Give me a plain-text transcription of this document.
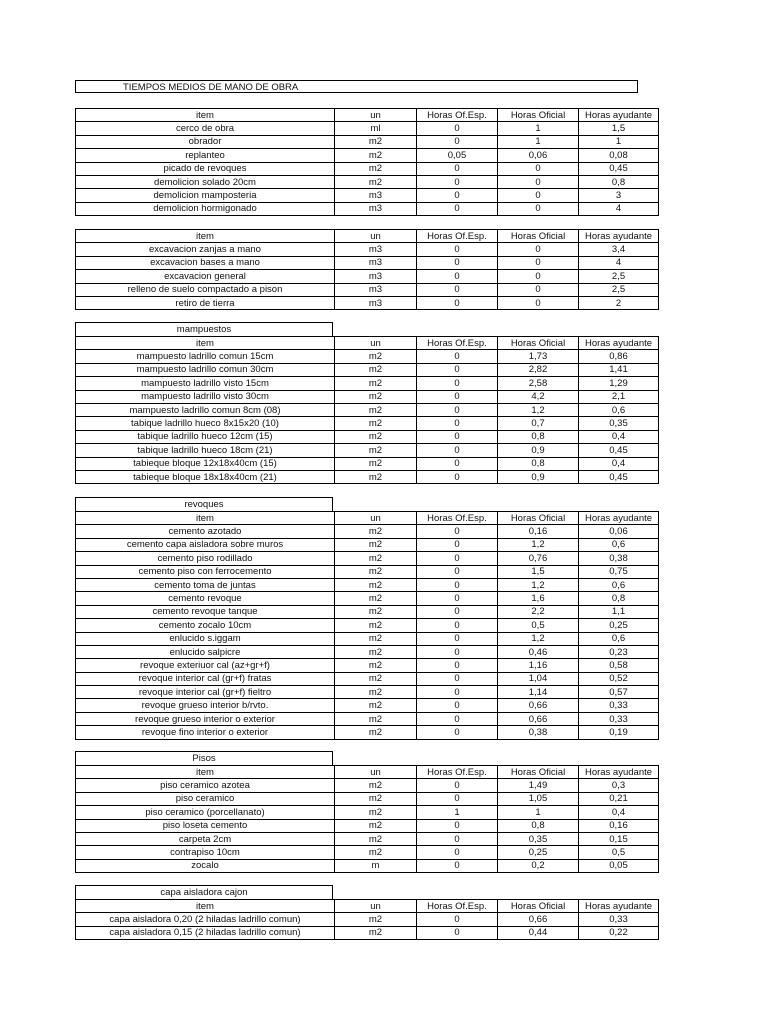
TIEMPOS MEDIOS DE MANO DE OBRA
item	un	Horas Of.Esp.	Horas Oficial	Horas ayudante
cerco de obra	ml	0	1	1,5
obrador	m2	0	1	1
replanteo	m2	0,05	0,06	0,08
picado de revoques	m2	0	0	0,45
demolicion solado 20cm	m2	0	0	0,8
demolicion mamposteria	m3	0	0	3
demolicion hormigonado	m3	0	0	4
item	un	Horas Of.Esp.	Horas Oficial	Horas ayudante
excavacion zanjas a mano	m3	0	0	3,4
excavacion bases a mano	m3	0	0	4
excavacion general	m3	0	0	2,5
relleno de suelo compactado a pison	m3	0	0	2,5
retiro de tierra	m3	0	0	2
mampuestos
item	un	Horas Of.Esp.	Horas Oficial	Horas ayudante
mampuesto ladrillo comun 15cm	m2	0	1,73	0,86
mampuesto ladrillo comun 30cm	m2	0	2,82	1,41
mampuesto ladrillo visto 15cm	m2	0	2,58	1,29
mampuesto ladrillo visto 30cm	m2	0	4,2	2,1
mampuesto ladrillo comun 8cm (08)	m2	0	1,2	0,6
tabique ladrillo hueco 8x15x20 (10)	m2	0	0,7	0,35
tabique ladrillo hueco 12cm (15)	m2	0	0,8	0,4
tabique ladrillo hueco 18cm (21)	m2	0	0,9	0,45
tabieque bloque 12x18x40cm (15)	m2	0	0,8	0,4
tabieque bloque 18x18x40cm (21)	m2	0	0,9	0,45
revoques
item	un	Horas Of.Esp.	Horas Oficial	Horas ayudante
cemento azotado	m2	0	0,16	0,06
cemento capa aisladora sobre muros	m2	0	1,2	0,6
cemento piso rodillado	m2	0	0,76	0,38
cemento piso con ferrocemento	m2	0	1,5	0,75
cemento toma de juntas	m2	0	1,2	0,6
cemento revoque	m2	0	1,6	0,8
cemento revoque tanque	m2	0	2,2	1,1
cemento zocalo 10cm	m2	0	0,5	0,25
enlucido s.iggam	m2	0	1,2	0,6
enlucido salpicre	m2	0	0,46	0,23
revoque exteriuor cal (az+gr+f)	m2	0	1,16	0,58
revoque interior cal (gr+f) fratas	m2	0	1,04	0,52
revoque interior cal (gr+f) fieltro	m2	0	1,14	0,57
revoque grueso interior b/rvto.	m2	0	0,66	0,33
revoque grueso interior o exterior	m2	0	0,66	0,33
revoque fino interior o exterior	m2	0	0,38	0,19
Pisos
item	un	Horas Of.Esp.	Horas Oficial	Horas ayudante
piso ceramico azotea	m2	0	1,49	0,3
piso ceramico	m2	0	1,05	0,21
piso ceramico (porcellanato)	m2	1	1	0,4
piso loseta cemento	m2	0	0,8	0,16
carpeta 2cm	m2	0	0,35	0,15
contrapiso 10cm	m2	0	0,25	0,5
zocalo	m	0	0,2	0,05
capa aisladora cajon
item	un	Horas Of.Esp.	Horas Oficial	Horas ayudante
capa aisladora 0,20 (2 hiladas ladrillo comun)	m2	0	0,66	0,33
capa aisladora 0,15 (2 hiladas ladrillo comun)	m2	0	0,44	0,22
